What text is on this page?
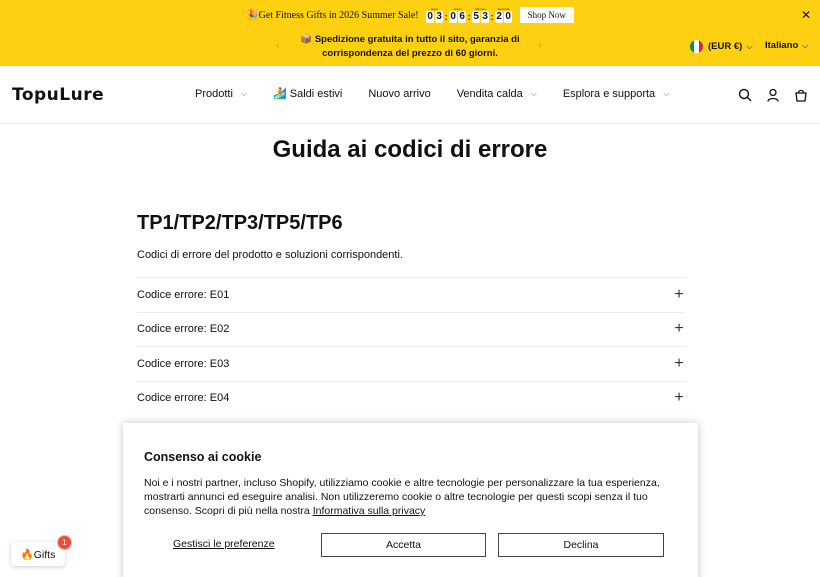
🎉Get Fitness Gifts in 2026 Summer Sale!
Days
0 3 :
Hours
0 6 :
Minutes
5 3 :
Seconds
2 0	Shop Now	✕
‹
📦 Spedizione gratuita in tutto il sito, garanzia di
corrispondenza del prezzo di 60 giorni.
›	(EUR €) ⌵ Italiano ⌵
TopuLure	Prodotti ⌵ 🏄 Saldi estivi Nuovo arrivo Vendita calda ⌵ Esplora e supporta ⌵
Guida ai codici di errore
TP1/TP2/TP3/TP5/TP6

Codici di errore del prodotto e soluzioni corrispondenti.

Codice errore: E01	+
Codice errore: E02	+
Codice errore: E03	+
Codice errore: E04	+
Consenso ai cookie
Noi e i nostri partner, incluso Shopify, utilizziamo cookie e altre tecnologie per personalizzare la tua esperienza, mostrarti annunci ed eseguire analisi. Non utilizzeremo cookie o altre tecnologie per questi scopi senza il tuo consenso. Scopri di più nella nostra Informativa sulla privacy
Gestisci le preferenze	Accetta	Declina
🔥Gifts
1
